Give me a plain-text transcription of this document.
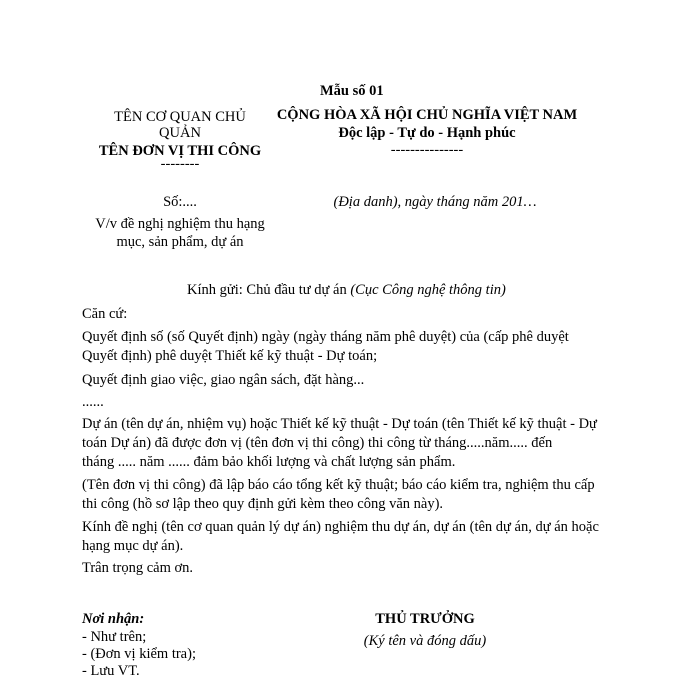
Mẫu số 01
TÊN CƠ QUAN CHỦ
QUẢN
TÊN ĐƠN VỊ THI CÔNG
--------
Số:....
V/v đề nghị nghiệm thu hạng
mục, sản phẩm, dự án
CỘNG HÒA XÃ HỘI CHỦ NGHĨA VIỆT NAM
Độc lập - Tự do - Hạnh phúc
---------------
(Địa danh), ngày tháng năm 201…
Kính gửi: Chủ đầu tư dự án (Cục Công nghệ thông tin)
Căn cứ:
Quyết định số (số Quyết định) ngày (ngày tháng năm phê duyệt) của (cấp phê duyệt
Quyết định) phê duyệt Thiết kế kỹ thuật - Dự toán;
Quyết định giao việc, giao ngân sách, đặt hàng...
......
Dự án (tên dự án, nhiệm vụ) hoặc Thiết kế kỹ thuật - Dự toán (tên Thiết kế kỹ thuật - Dự
toán Dự án) đã được đơn vị (tên đơn vị thi công) thi công từ tháng.....năm..... đến
tháng ..... năm ...... đảm bảo khối lượng và chất lượng sản phẩm.
(Tên đơn vị thi công) đã lập báo cáo tổng kết kỹ thuật; báo cáo kiểm tra, nghiệm thu cấp
thi công (hồ sơ lập theo quy định gửi kèm theo công văn này).
Kính đề nghị (tên cơ quan quản lý dự án) nghiệm thu dự án, dự án (tên dự án, dự án hoặc
hạng mục dự án).
Trân trọng cảm ơn.
Nơi nhận:
- Như trên;
- (Đơn vị kiểm tra);
- Lưu VT.
THỦ TRƯỞNG
(Ký tên và đóng dấu)
